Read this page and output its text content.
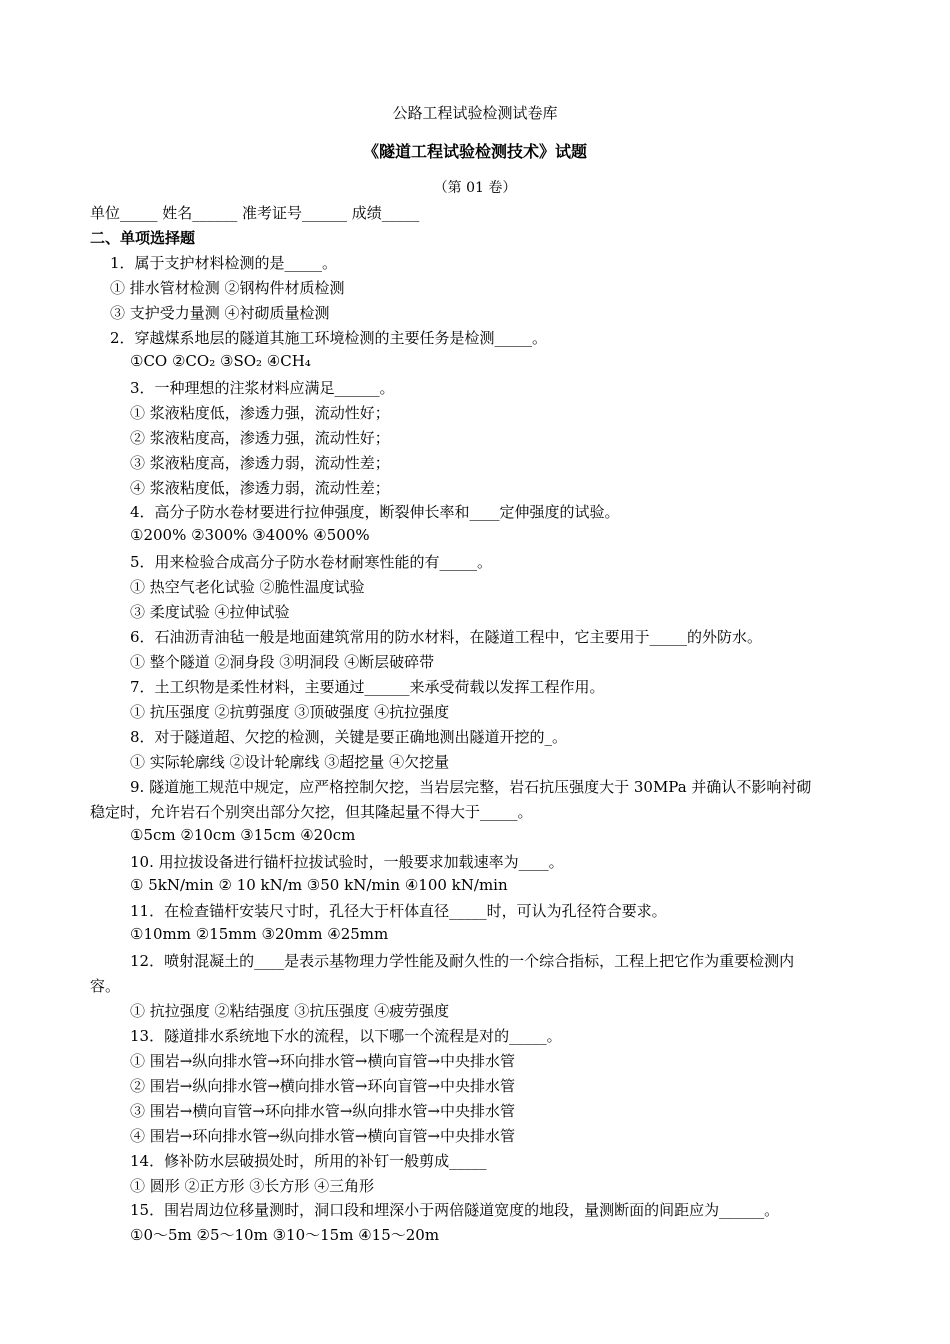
公路工程试验检测试卷库
《隧道工程试验检测技术》试题
（第 01 卷）
单位_____ 姓名______ 准考证号______ 成绩_____
二、单项选择题
1．属于支护材料检测的是_____。
① 排水管材检测 ②钢构件材质检测
③ 支护受力量测 ④衬砌质量检测
2．穿越煤系地层的隧道其施工环境检测的主要任务是检测_____。
①CO ②CO₂ ③SO₂ ④CH₄
3．一种理想的注浆材料应满足______。
① 浆液粘度低，渗透力强，流动性好；
② 浆液粘度高，渗透力强，流动性好；
③ 浆液粘度高，渗透力弱，流动性差；
④ 浆液粘度低，渗透力弱，流动性差；
4．高分子防水卷材要进行拉伸强度，断裂伸长率和____定伸强度的试验。
①200% ②300% ③400% ④500%
5．用来检验合成高分子防水卷材耐寒性能的有_____。
① 热空气老化试验 ②脆性温度试验
③ 柔度试验 ④拉伸试验
6．石油沥青油毡一般是地面建筑常用的防水材料，在隧道工程中，它主要用于_____的外防水。
① 整个隧道 ②洞身段 ③明洞段 ④断层破碎带
7．土工织物是柔性材料，主要通过______来承受荷载以发挥工程作用。
① 抗压强度 ②抗剪强度 ③顶破强度 ④抗拉强度
8．对于隧道超、欠挖的检测，关键是要正确地测出隧道开挖的_。
① 实际轮廓线 ②设计轮廓线 ③超挖量 ④欠挖量
9. 隧道施工规范中规定，应严格控制欠挖，当岩层完整，岩石抗压强度大于 30MPa 并确认不影响衬砌
稳定时，允许岩石个别突出部分欠挖，但其隆起量不得大于_____。
①5cm ②10cm ③15cm ④20cm
10. 用拉拔设备进行锚杆拉拔试验时，一般要求加载速率为____。
① 5kN/min ② 10 kN/m ③50 kN/min ④100 kN/min
11．在检查锚杆安装尺寸时，孔径大于杆体直径_____时，可认为孔径符合要求。
①10mm ②15mm ③20mm ④25mm
12．喷射混凝土的____是表示基物理力学性能及耐久性的一个综合指标，工程上把它作为重要检测内
容。
① 抗拉强度 ②粘结强度 ③抗压强度 ④疲劳强度
13．隧道排水系统地下水的流程，以下哪一个流程是对的_____。
① 围岩→纵向排水管→环向排水管→横向盲管→中央排水管
② 围岩→纵向排水管→横向排水管→环向盲管→中央排水管
③ 围岩→横向盲管→环向排水管→纵向排水管→中央排水管
④ 围岩→环向排水管→纵向排水管→横向盲管→中央排水管
14．修补防水层破损处时，所用的补钉一般剪成_____
① 圆形 ②正方形 ③长方形 ④三角形
15．围岩周边位移量测时，洞口段和埋深小于两倍隧道宽度的地段，量测断面的间距应为______。
①0～5m ②5～10m ③10～15m ④15～20m
